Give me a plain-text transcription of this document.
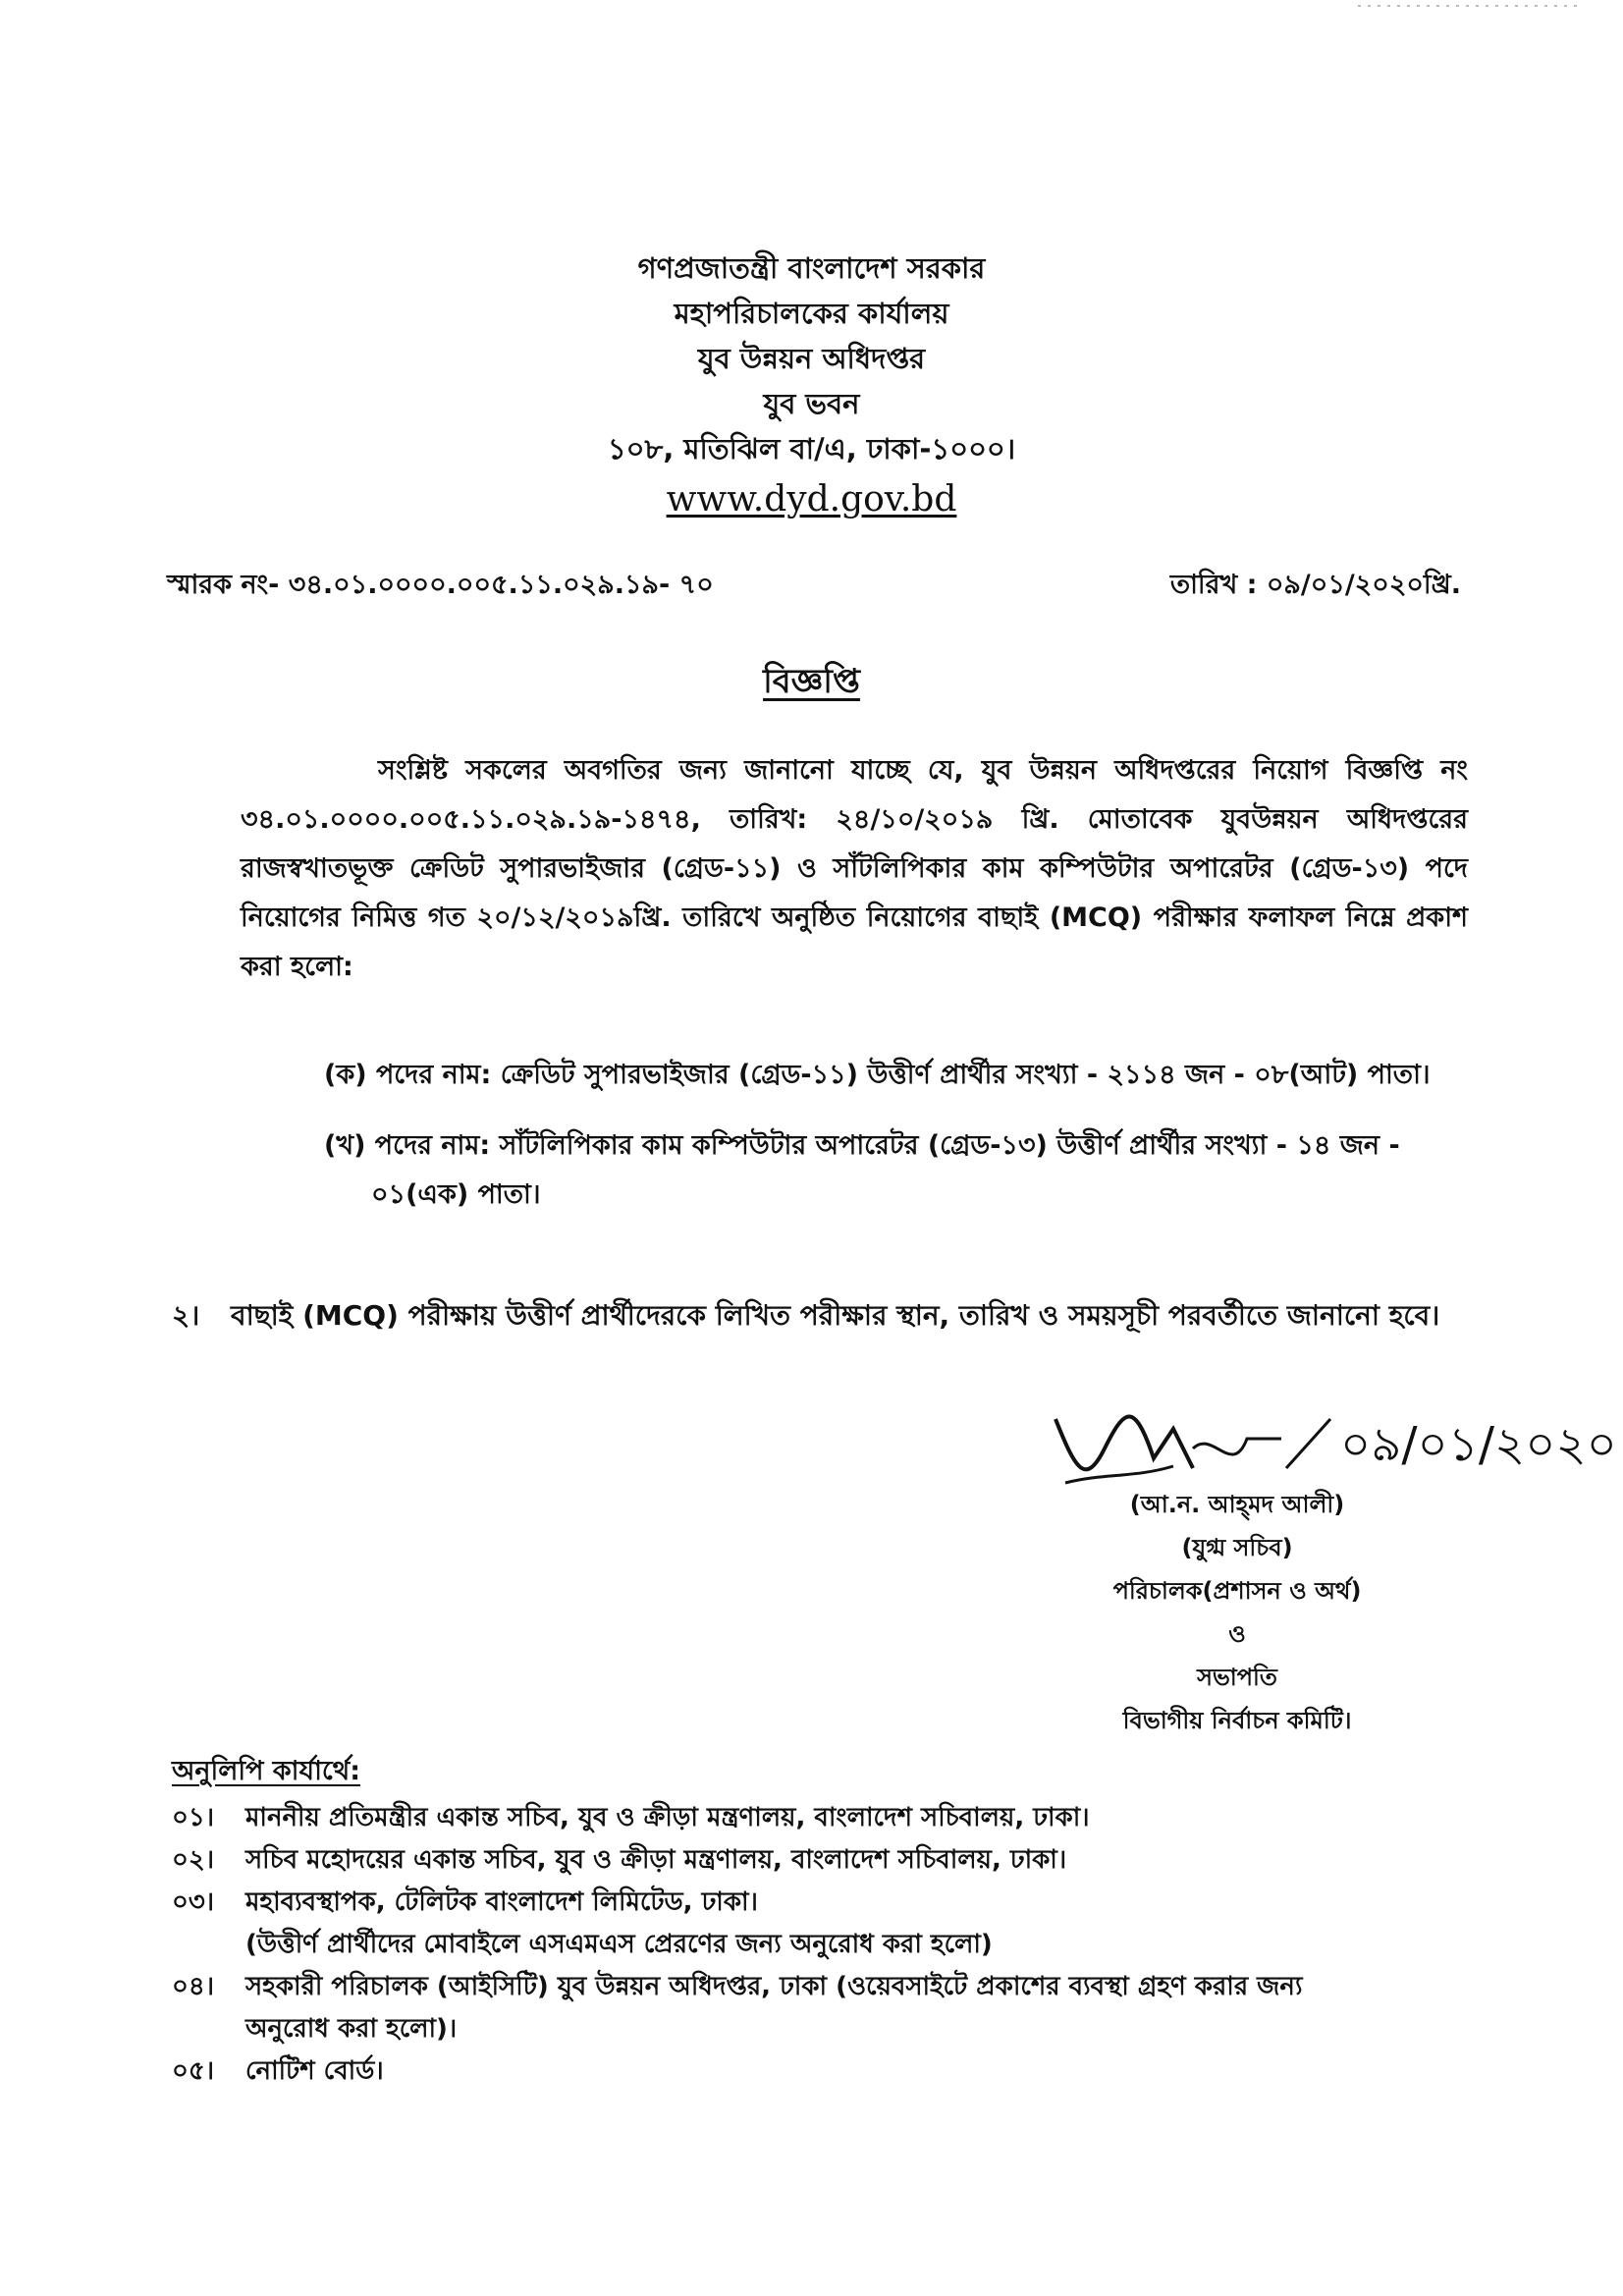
গণপ্রজাতন্ত্রী বাংলাদেশ সরকার
মহাপরিচালকের কার্যালয়
যুব উন্নয়ন অধিদপ্তর
যুব ভবন
১০৮, মতিঝিল বা/এ, ঢাকা-১০০০।
www.dyd.gov.bd
স্মারক নং- ৩৪.০১.০০০০.০০৫.১১.০২৯.১৯- ৭০	তারিখ : ০৯/০১/২০২০খ্রি.
বিজ্ঞপ্তি
সংশ্লিষ্ট সকলের অবগতির জন্য জানানো যাচ্ছে যে, যুব উন্নয়ন অধিদপ্তরের নিয়োগ বিজ্ঞপ্তি নং ৩৪.০১.০০০০.০০৫.১১.০২৯.১৯-১৪৭৪, তারিখ: ২৪/১০/২০১৯ খ্রি. মোতাবেক যুবউন্নয়ন অধিদপ্তরের রাজস্বখাতভূক্ত ক্রেডিট সুপারভাইজার (গ্রেড-১১) ও সাঁটলিপিকার কাম কম্পিউটার অপারেটর (গ্রেড-১৩) পদে নিয়োগের নিমিত্ত গত ২০/১২/২০১৯খ্রি. তারিখে অনুষ্ঠিত নিয়োগের বাছাই (MCQ) পরীক্ষার ফলাফল নিম্নে প্রকাশ করা হলো:
(ক) পদের নাম: ক্রেডিট সুপারভাইজার (গ্রেড-১১) উত্তীর্ণ প্রার্থীর সংখ্যা - ২১১৪ জন - ০৮(আট) পাতা।
(খ) পদের নাম: সাঁটলিপিকার কাম কম্পিউটার অপারেটর (গ্রেড-১৩) উত্তীর্ণ প্রার্থীর সংখ্যা - ১৪ জন -
০১(এক) পাতা।
২। বাছাই (MCQ) পরীক্ষায় উত্তীর্ণ প্রার্থীদেরকে লিখিত পরীক্ষার স্থান, তারিখ ও সময়সূচী পরবর্তীতে জানানো হবে।
০৯/০১/২০২০
(আ.ন. আহ্‌মদ আলী)
(যুগ্ম সচিব)
পরিচালক(প্রশাসন ও অর্থ)
ও
সভাপতি
বিভাগীয় নির্বাচন কমিটি।
অনুলিপি কার্যার্থে:
০১।	মাননীয় প্রতিমন্ত্রীর একান্ত সচিব, যুব ও ক্রীড়া মন্ত্রণালয়, বাংলাদেশ সচিবালয়, ঢাকা।
০২।	সচিব মহোদয়ের একান্ত সচিব, যুব ও ক্রীড়া মন্ত্রণালয়, বাংলাদেশ সচিবালয়, ঢাকা।
০৩।	মহাব্যবস্থাপক, টেলিটক বাংলাদেশ লিমিটেড, ঢাকা।
(উত্তীর্ণ প্রার্থীদের মোবাইলে এসএমএস প্রেরণের জন্য অনুরোধ করা হলো)
০৪।	সহকারী পরিচালক (আইসিটি) যুব উন্নয়ন অধিদপ্তর, ঢাকা (ওয়েবসাইটে প্রকাশের ব্যবস্থা গ্রহণ করার জন্য
অনুরোধ করা হলো)।
০৫।	নোটিশ বোর্ড।
